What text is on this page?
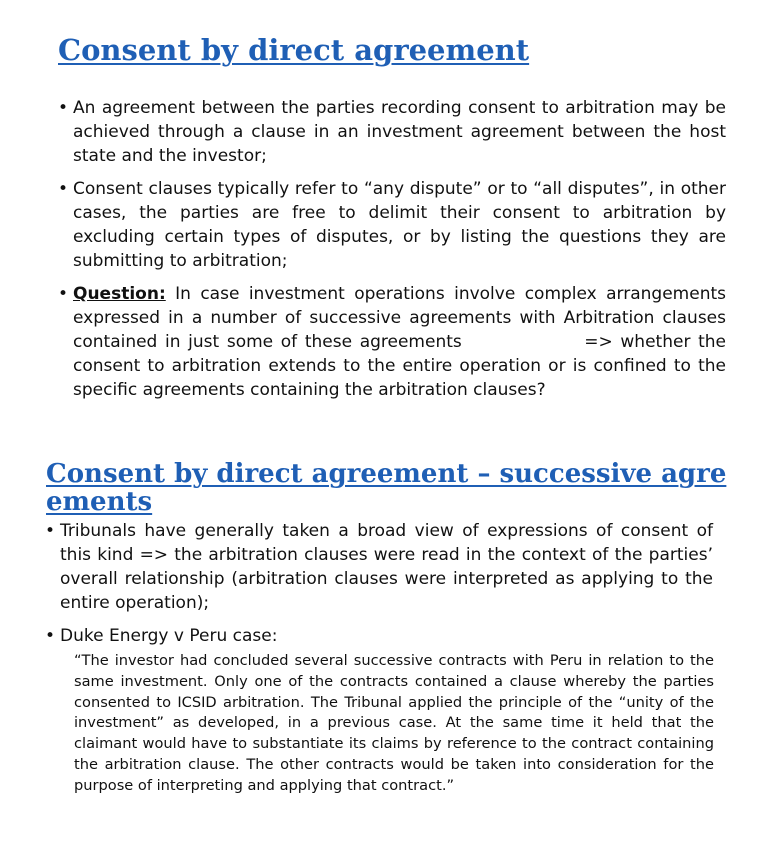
Consent by direct agreement
• An agreement between the parties recording consent to arbitration may be achieved through a clause in an investment agreement between the host state and the investor;
• Consent clauses typically refer to “any dispute” or to “all disputes”, in other cases, the parties are free to delimit their consent to arbitration by excluding certain types of disputes, or by listing the questions they are submitting to arbitration;
• Question: In case investment operations involve complex arrangements expressed in a number of successive agreements with Arbitration clauses contained in just some of these agreements                => whether the consent to arbitration extends to the entire operation or is confined to the specific agreements containing the arbitration clauses?
Consent by direct agreement – successive agreements
• Tribunals have generally taken a broad view of expressions of consent of this kind => the arbitration clauses were read in the context of the parties’ overall relationship (arbitration clauses were interpreted as applying to the entire operation);
• Duke Energy v Peru case:

“The investor had concluded several successive contracts with Peru in relation to the same investment. Only one of the contracts contained a clause whereby the parties consented to ICSID arbitration. The Tribunal applied the principle of the “unity of the investment” as developed, in a previous case. At the same time it held that the claimant would have to substantiate its claims by reference to the contract containing the arbitration clause. The other contracts would be taken into consideration for the purpose of interpreting and applying that contract.”
